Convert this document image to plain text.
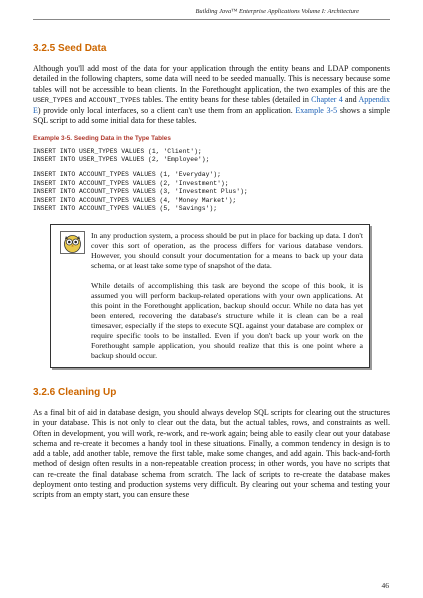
Building Java™ Enterprise Applications Volume I: Architecture
3.2.5 Seed Data

Although you'll add most of the data for your application through the entity beans and LDAP components detailed in the following chapters, some data will need to be seeded manually. This is necessary because some tables will not be accessible to bean clients. In the Forethought application, the two examples of this are the USER_TYPES and ACCOUNT_TYPES tables. The entity beans for these tables (detailed in Chapter 4 and Appendix E) provide only local interfaces, so a client can't use them from an application. Example 3-5 shows a simple SQL script to add some initial data for these tables.

Example 3-5. Seeding Data in the Type Tables
INSERT INTO USER_TYPES VALUES (1, 'Client');
INSERT INTO USER_TYPES VALUES (2, 'Employee');
INSERT INTO ACCOUNT_TYPES VALUES (1, 'Everyday');
INSERT INTO ACCOUNT_TYPES VALUES (2, 'Investment');
INSERT INTO ACCOUNT_TYPES VALUES (3, 'Investment Plus');
INSERT INTO ACCOUNT_TYPES VALUES (4, 'Money Market');
INSERT INTO ACCOUNT_TYPES VALUES (5, 'Savings');

In any production system, a process should be put in place for backing up data. I don't cover this sort of operation, as the process differs for various database vendors. However, you should consult your documentation for a means to back up your data schema, or at least take some type of snapshot of the data.

While details of accomplishing this task are beyond the scope of this book, it is assumed you will perform backup-related operations with your own applications. At this point in the Forethought application, backup should occur. While no data has yet been entered, recovering the database's structure while it is clean can be a real timesaver, especially if the steps to execute SQL against your database are complex or require specific tools to be installed. Even if you don't back up your work on the Forethought sample application, you should realize that this is one point where a backup should occur.

3.2.6 Cleaning Up

As a final bit of aid in database design, you should always develop SQL scripts for clearing out the structures in your database. This is not only to clear out the data, but the actual tables, rows, and constraints as well. Often in development, you will work, re-work, and re-work again; being able to easily clear out your database schema and re-create it becomes a handy tool in these situations. Finally, a common tendency in design is to add a table, add another table, remove the first table, make some changes, and add again. This back-and-forth method of design often results in a non-repeatable creation process; in other words, you have no scripts that can re-create the final database schema from scratch. The lack of scripts to re-create the database makes deployment onto testing and production systems very difficult. By clearing out your schema and testing your scripts from an empty start, you can ensure these

46
